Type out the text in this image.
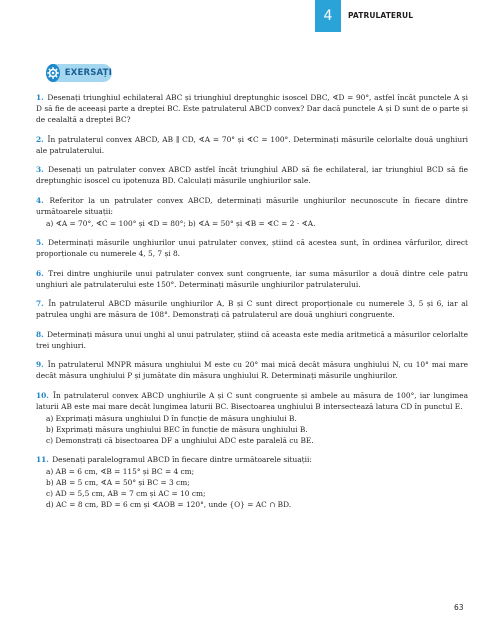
4 PATRULATERUL
EXERSAȚI

1. Desenați triunghiul echilateral ABC și triunghiul dreptunghic isoscel DBC, ∢D = 90°, astfel încât punctele A și D să fie de aceeași parte a dreptei BC. Este patrulaterul ABCD convex? Dar dacă punctele A și D sunt de o parte și de cealaltă a dreptei BC?

2. În patrulaterul convex ABCD, AB ∥ CD, ∢A = 70° și ∢C = 100°. Determinați măsurile celorlalte două unghiuri ale patrulaterului.

3. Desenați un patrulater convex ABCD astfel încât triunghiul ABD să fie echilateral, iar triunghiul BCD să fie dreptunghic isoscel cu ipotenuza BD. Calculați măsurile unghiurilor sale.

4. Referitor la un patrulater convex ABCD, determinați măsurile unghiurilor necunoscute în fiecare dintre următoarele situații:
a) ∢A = 70°, ∢C = 100° și ∢D = 80°; b) ∢A = 50° și ∢B = ∢C = 2 · ∢A.

5. Determinați măsurile unghiurilor unui patrulater convex, știind că acestea sunt, în ordinea vârfurilor, direct proporționale cu numerele 4, 5, 7 și 8.

6. Trei dintre unghiurile unui patrulater convex sunt congruente, iar suma măsurilor a două dintre cele patru unghiuri ale patrulaterului este 150°. Determinați măsurile unghiurilor patrulaterului.

7. În patrulaterul ABCD măsurile unghiurilor A, B și C sunt direct proporționale cu numerele 3, 5 și 6, iar al patrulea unghi are măsura de 108°. Demonstrați că patrulaterul are două unghiuri congruente.

8. Determinați măsura unui unghi al unui patrulater, știind că aceasta este media aritmetică a măsurilor celorlalte trei unghiuri.

9. În patrulaterul MNPR măsura unghiului M este cu 20° mai mică decât măsura unghiului N, cu 10° mai mare decât măsura unghiului P și jumătate din măsura unghiului R. Determinați măsurile unghiurilor.

10. În patrulaterul convex ABCD unghiurile A și C sunt congruente și ambele au măsura de 100°, iar lungimea laturii AB este mai mare decât lungimea laturii BC. Bisectoarea unghiului B intersectează latura CD în punctul E.
a) Exprimați măsura unghiului D în funcție de măsura unghiului B.
b) Exprimați măsura unghiului BEC în funcție de măsura unghiului B.
c) Demonstrați că bisectoarea DF a unghiului ADC este paralelă cu BE.
11. Desenați paralelogramul ABCD în fiecare dintre următoarele situații:
a) AB = 6 cm, ∢B = 115° și BC = 4 cm;
b) AB = 5 cm, ∢A = 50° și BC = 3 cm;
c) AD = 5,5 cm, AB = 7 cm și AC = 10 cm;
d) AC = 8 cm, BD = 6 cm și ∢AOB = 120°, unde {O} = AC ∩ BD.
63
